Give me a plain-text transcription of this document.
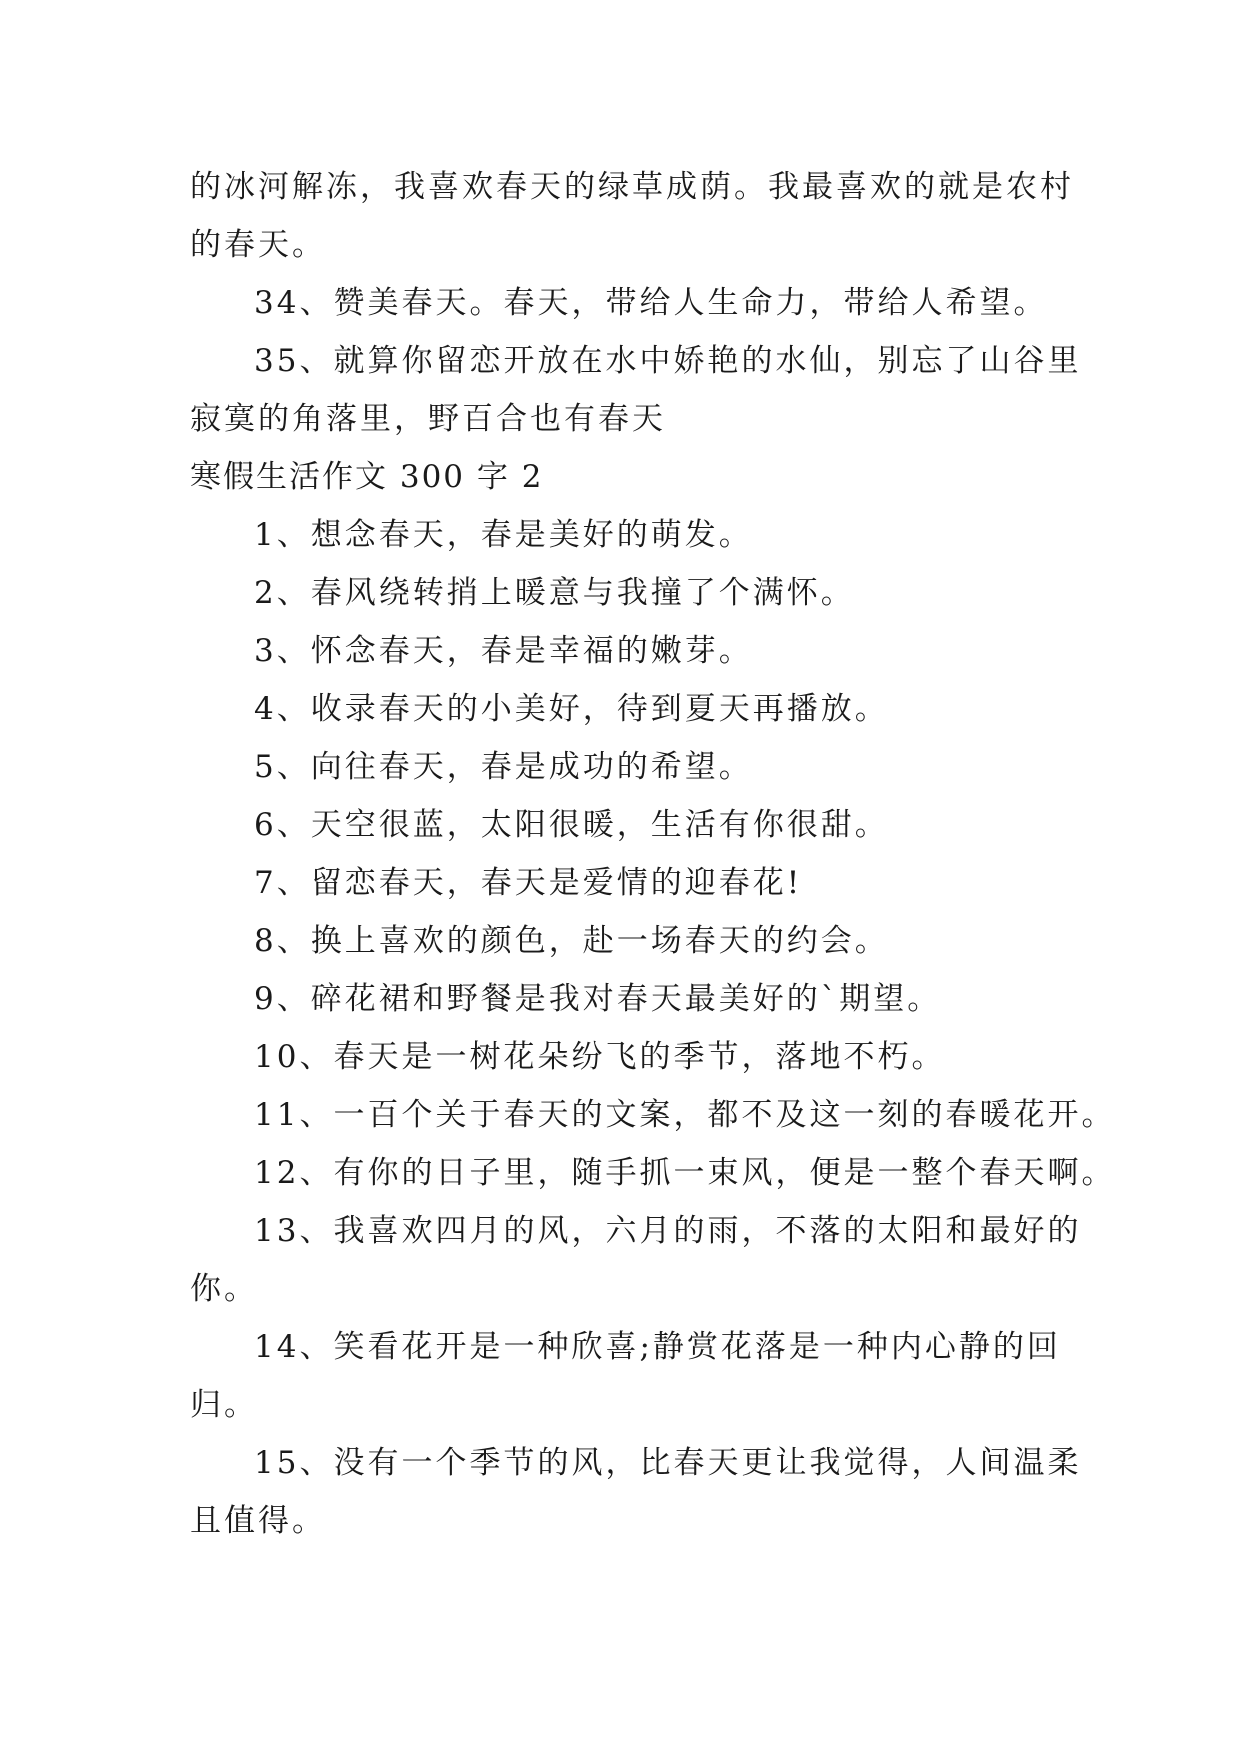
的冰河解冻，我喜欢春天的绿草成荫。我最喜欢的就是农村
的春天。
34、赞美春天。春天，带给人生命力，带给人希望。
35、就算你留恋开放在水中娇艳的水仙，别忘了山谷里
寂寞的角落里，野百合也有春天
寒假生活作文 300 字 2
1、想念春天，春是美好的萌发。
2、春风绕转捎上暖意与我撞了个满怀。
3、怀念春天，春是幸福的嫩芽。
4、收录春天的小美好，待到夏天再播放。
5、向往春天，春是成功的希望。
6、天空很蓝，太阳很暖，生活有你很甜。
7、留恋春天，春天是爱情的迎春花!
8、换上喜欢的颜色，赴一场春天的约会。
9、碎花裙和野餐是我对春天最美好的`期望。
10、春天是一树花朵纷飞的季节，落地不朽。
11、一百个关于春天的文案，都不及这一刻的春暖花开。
12、有你的日子里，随手抓一束风，便是一整个春天啊。
13、我喜欢四月的风，六月的雨，不落的太阳和最好的
你。
14、笑看花开是一种欣喜;静赏花落是一种内心静的回
归。
15、没有一个季节的风，比春天更让我觉得，人间温柔
且值得。
